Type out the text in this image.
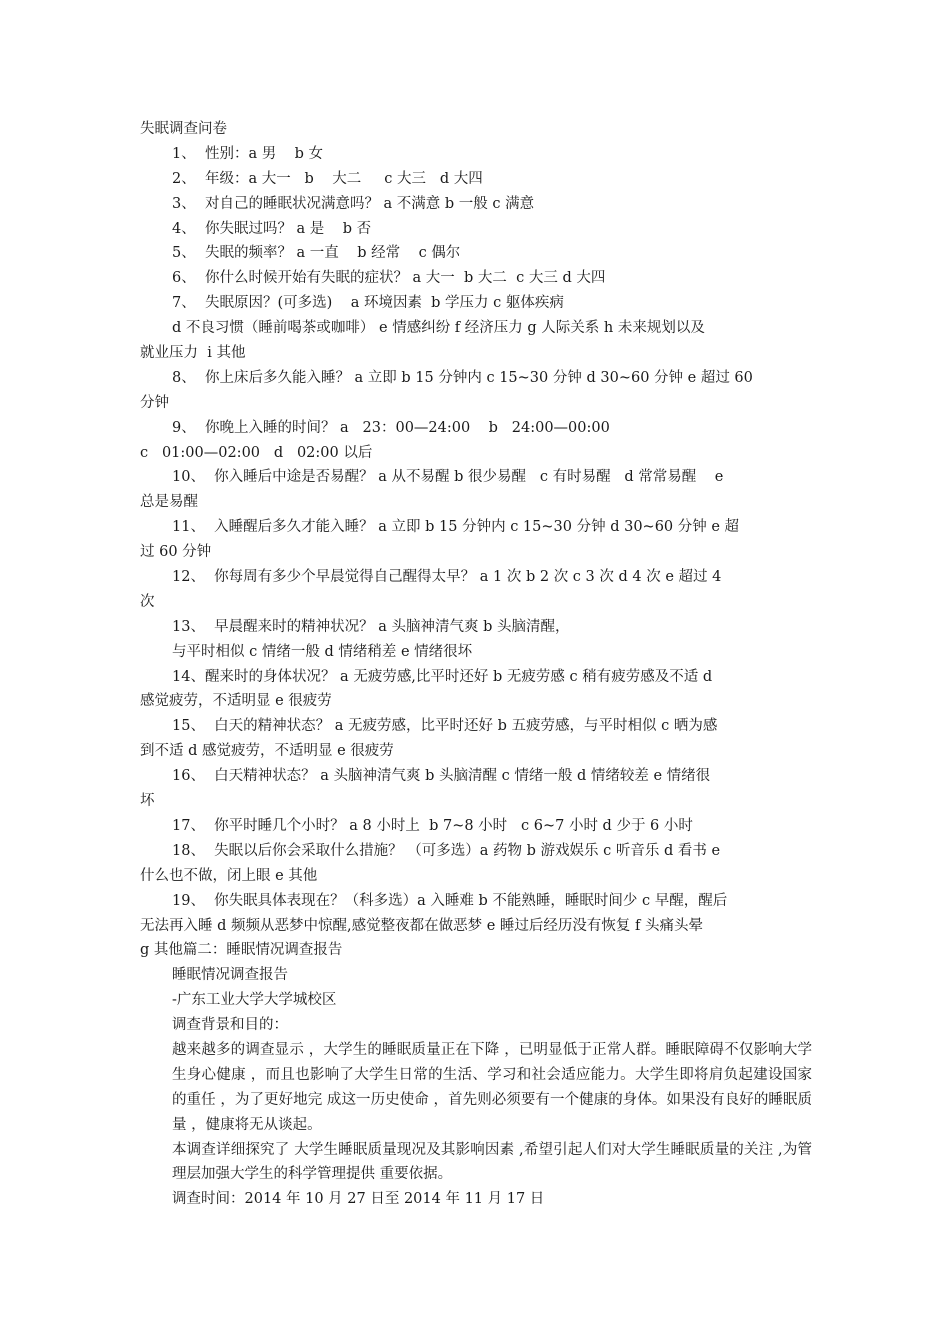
失眠调查问卷
1、  性别：a 男    b 女
2、  年级：a 大一   b    大二     c 大三   d 大四
3、  对自己的睡眠状况满意吗？ a 不满意 b 一般 c 满意
4、  你失眠过吗？ a 是    b 否
5、  失眠的频率？ a 一直    b 经常    c 偶尔
6、  你什么时候开始有失眠的症状？ a 大一  b 大二  c 大三 d 大四
7、  失眠原因？(可多选)    a 环境因素  b 学压力 c 躯体疾病
d 不良习惯（睡前喝茶或咖啡） e 情感纠纷 f 经济压力 g 人际关系 h 未来规划以及
就业压力  i 其他
8、  你上床后多久能入睡？ a 立即 b 15 分钟内 c 15~30 分钟 d 30~60 分钟 e 超过 60
分钟
9、  你晚上入睡的时间？ a   23：00—24:00    b   24:00—00:00
c   01:00—02:00   d   02:00 以后
10、  你入睡后中途是否易醒？ a 从不易醒 b 很少易醒   c 有时易醒   d 常常易醒    e
总是易醒
11、  入睡醒后多久才能入睡？ a 立即 b 15 分钟内 c 15~30 分钟 d 30~60 分钟 e 超
过 60 分钟
12、  你每周有多少个早晨觉得自己醒得太早？ a 1 次 b 2 次 c 3 次 d 4 次 e 超过 4
次
13、  早晨醒来时的精神状况？ a 头脑神清气爽 b 头脑清醒，
与平时相似 c 情绪一般 d 情绪稍差 e 情绪很坏
14、醒来时的身体状况？ a 无疲劳感,比平时还好 b 无疲劳感 c 稍有疲劳感及不适 d
感觉疲劳，不适明显 e 很疲劳
15、  白天的精神状态？ a 无疲劳感，比平时还好 b 五疲劳感，与平时相似 c 晒为感
到不适 d 感觉疲劳，不适明显 e 很疲劳
16、  白天精神状态？ a 头脑神清气爽 b 头脑清醒 c 情绪一般 d 情绪较差 e 情绪很
坏
17、  你平时睡几个小时？ a 8 小时上  b 7~8 小时   c 6~7 小时 d 少于 6 小时
18、  失眠以后你会采取什么措施？ （可多选）a 药物 b 游戏娱乐 c 听音乐 d 看书 e
什么也不做，闭上眼 e 其他
19、  你失眠具体表现在？（科多选）a 入睡难 b 不能熟睡，睡眠时间少 c 早醒，醒后
无法再入睡 d 频频从恶梦中惊醒,感觉整夜都在做恶梦 e 睡过后经历没有恢复 f 头痛头晕
g 其他篇二：睡眠情况调查报告
睡眠情况调查报告
-广东工业大学大学城校区
调查背景和目的：
越来越多的调查显示 ，大学生的睡眠质量正在下降 ，已明显低于正常人群。睡眠障碍不仅影响大学生身心健康 ，而且也影响了大学生日常的生活、学习和社会适应能力。大学生即将肩负起建设国家的重任 ，为了更好地完 成这一历史使命 ，首先则必须要有一个健康的身体。如果没有良好的睡眠质量 ，健康将无从谈起。
本调查详细探究了 大学生睡眠质量现况及其影响因素 ,希望引起人们对大学生睡眠质量的关注 ,为管理层加强大学生的科学管理提供 重要依据。
调查时间：2014 年 10 月 27 日至 2014 年 11 月 17 日
